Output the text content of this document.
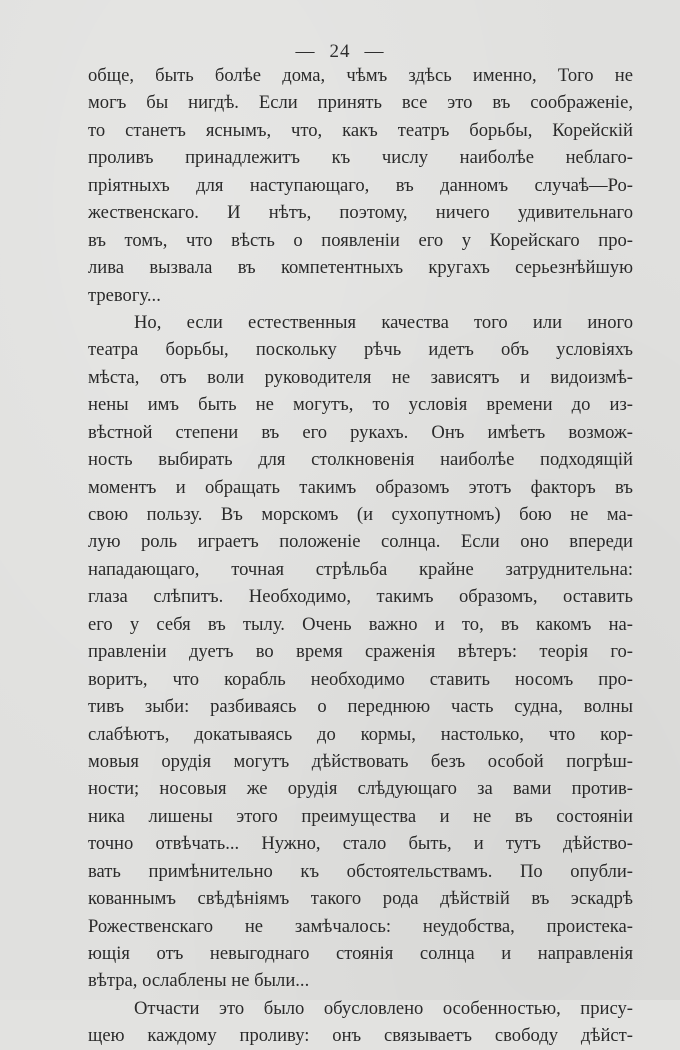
— 24 —
общe, быть болѣе дома, чѣмъ здѣсь именно, Того не
могъ бы нигдѣ. Если принять все это въ соображенiе,
то станетъ яснымъ, что, какъ театръ борьбы, Корейскiй
проливъ принадлежитъ къ числу наиболѣе неблаго-
прiятныхъ для наступающаго, въ данномъ случаѣ—Ро-
жественскаго. И нѣтъ, поэтому, ничего удивительнаго
въ томъ, что вѣсть о появленiи его у Корейскаго про-
лива вызвала въ компетентныхъ кругахъ серьезнѣйшую
тревогу...
Но, если естественныя качества того или иного
театра борьбы, поскольку рѣчь идетъ объ условiяхъ
мѣста, отъ воли руководителя не зависятъ и видоизмѣ-
нены имъ быть не могутъ, то условiя времени до из-
вѣстной степени въ его рукахъ. Онъ имѣетъ возмож-
ность выбирать для столкновенiя наиболѣе подходящiй
моментъ и обращать такимъ образомъ этотъ факторъ въ
свою пользу. Въ морскомъ (и сухопутномъ) бою не ма-
лую роль играетъ положенiе солнца. Если оно впереди
нападающаго, точная стрѣльба крайне затруднительна:
глаза слѣпитъ. Необходимо, такимъ образомъ, оставить
его у себя въ тылу. Очень важно и то, въ какомъ на-
правленiи дуетъ во время сраженiя вѣтеръ: теорiя го-
воритъ, что корабль необходимо ставить носомъ про-
тивъ зыби: разбиваясь о переднюю часть судна, волны
слабѣютъ, докатываясь до кормы, настолько, что кор-
мовыя орудiя могутъ дѣйствовать безъ особой погрѣш-
ности; носовыя же орудiя слѣдующаго за вами против-
ника лишены этого преимущества и не въ состоянiи
точно отвѣчать... Нужно, стало быть, и тутъ дѣйство-
вать примѣнительно къ обстоятельствамъ. По опубли-
кованнымъ свѣдѣнiямъ такого рода дѣйствiй въ эскадрѣ
Рожественскаго не замѣчалось: неудобства, проистека-
ющiя отъ невыгоднаго стоянiя солнца и направленiя
вѣтра, ослаблены не были...
Отчасти это было обусловлено особенностью, прису-
щею каждому проливу: онъ связываетъ свободу дѣйст-
